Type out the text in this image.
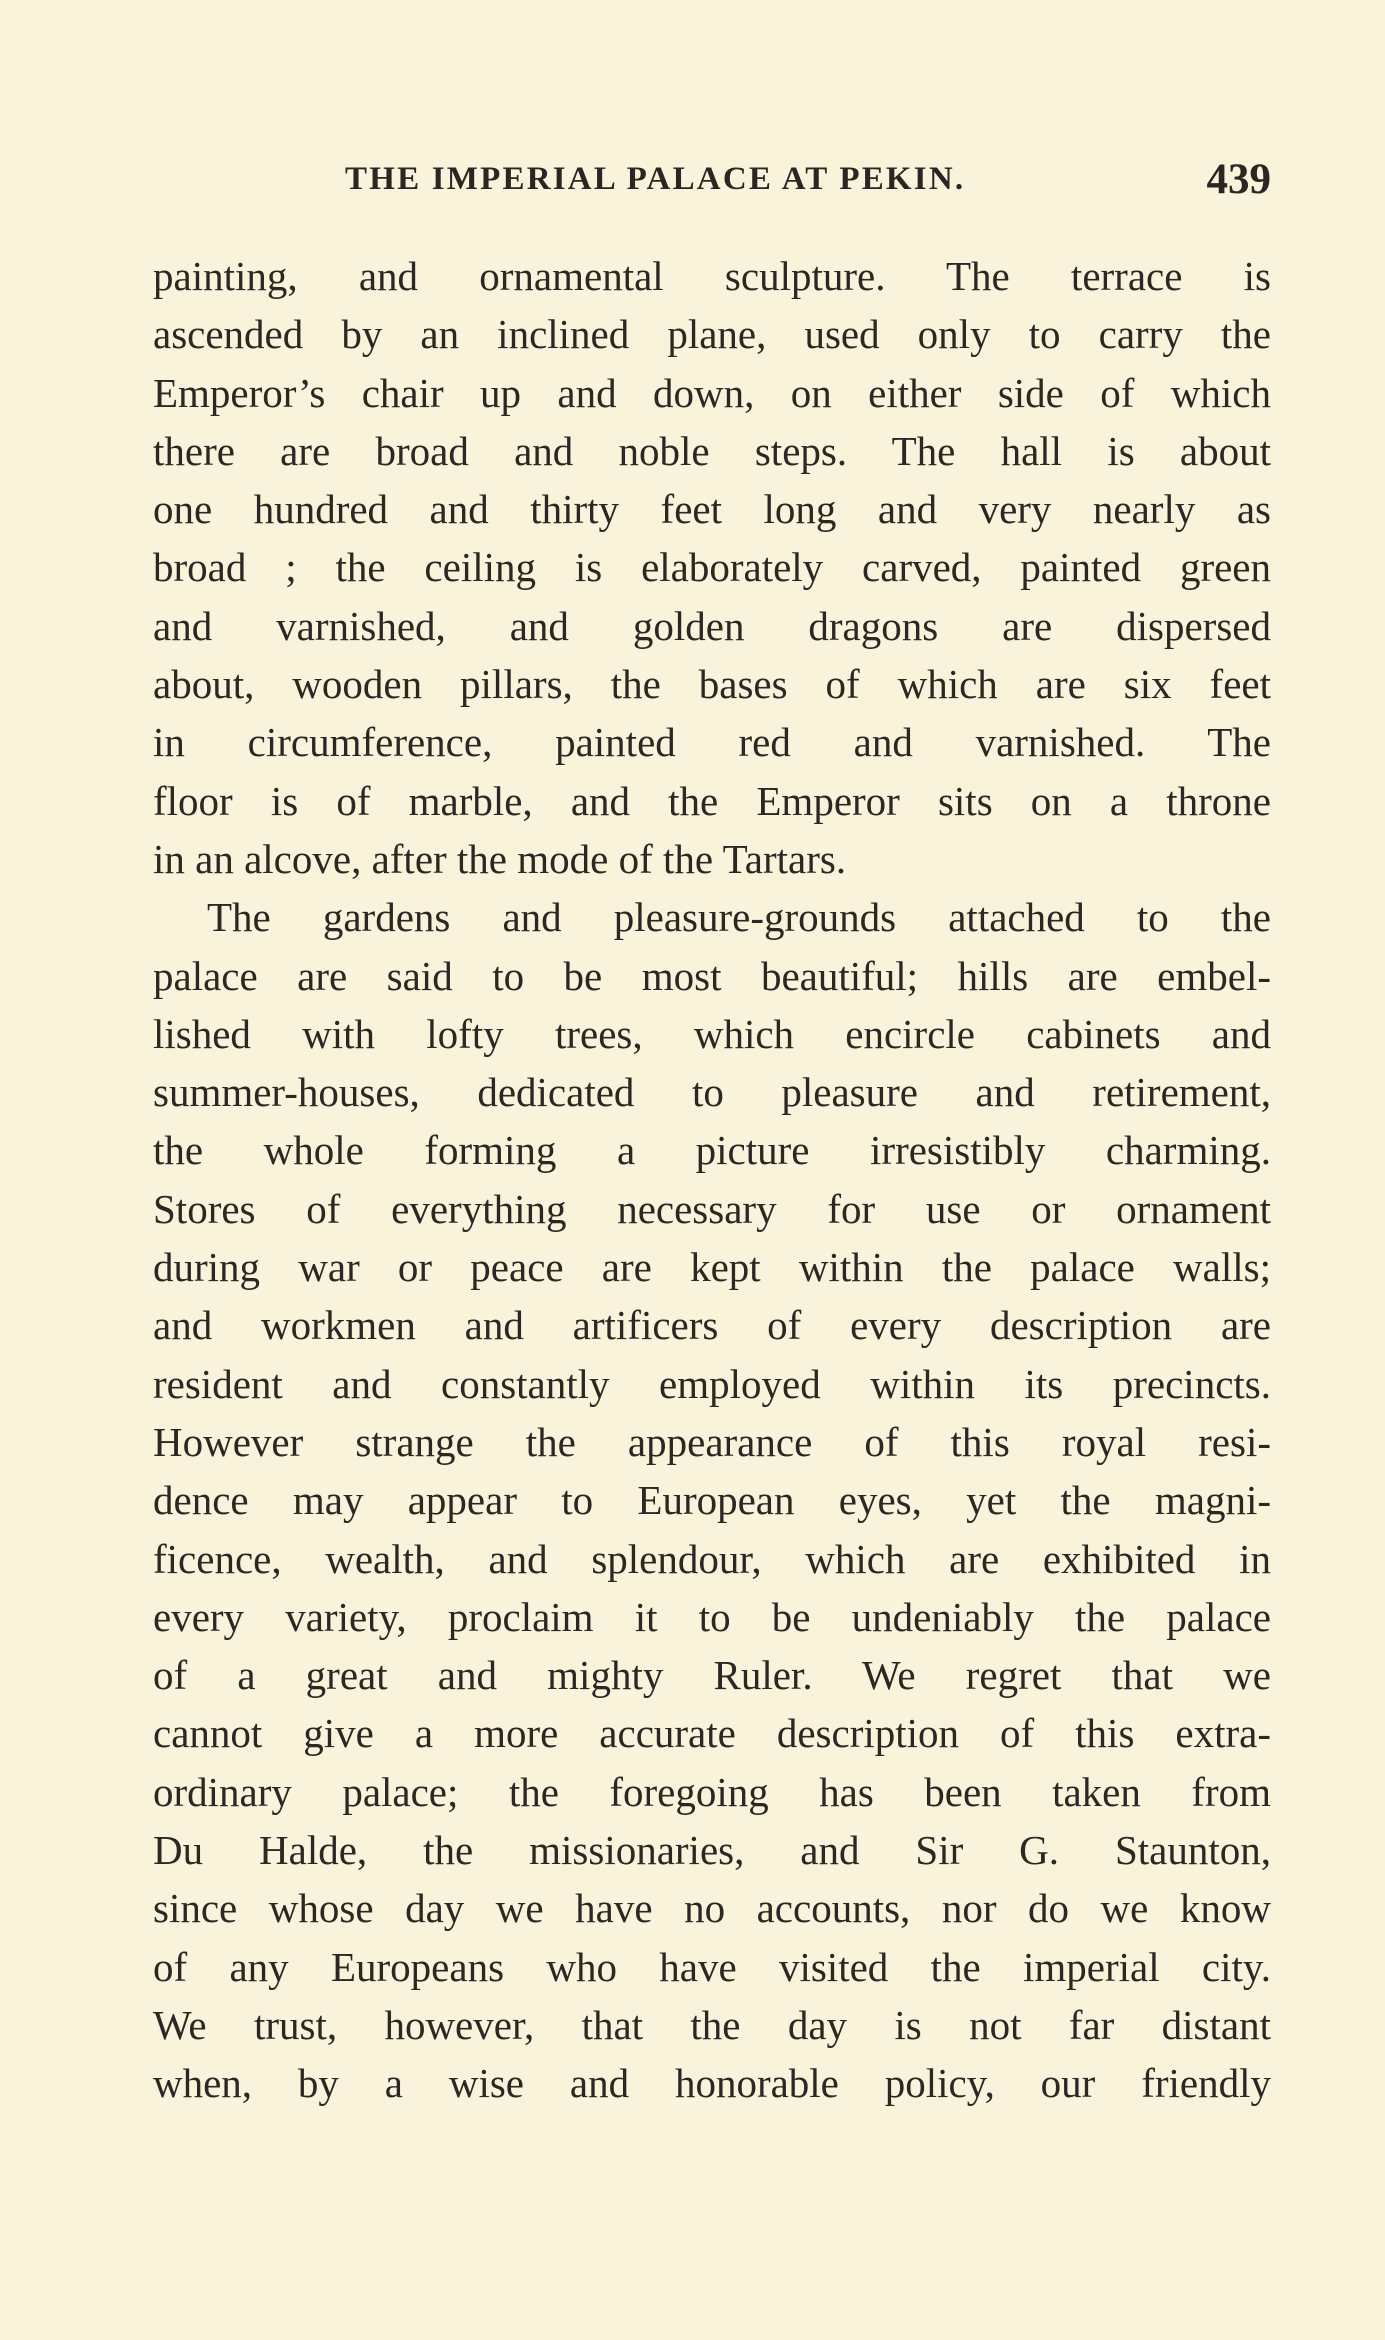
THE IMPERIAL PALACE AT PEKIN.	439
painting, and ornamental sculpture. The terrace is
ascended by an inclined plane, used only to carry the
Emperor’s chair up and down, on either side of which
there are broad and noble steps. The hall is about
one hundred and thirty feet long and very nearly as
broad ; the ceiling is elaborately carved, painted green
and varnished, and golden dragons are dispersed
about, wooden pillars, the bases of which are six feet
in circumference, painted red and varnished. The
floor is of marble, and the Emperor sits on a throne
in an alcove, after the mode of the Tartars.
The gardens and pleasure-grounds attached to the
palace are said to be most beautiful; hills are embel-
lished with lofty trees, which encircle cabinets and
summer-houses, dedicated to pleasure and retirement,
the whole forming a picture irresistibly charming.
Stores of everything necessary for use or ornament
during war or peace are kept within the palace walls;
and workmen and artificers of every description are
resident and constantly employed within its precincts.
However strange the appearance of this royal resi-
dence may appear to European eyes, yet the magni-
ficence, wealth, and splendour, which are exhibited in
every variety, proclaim it to be undeniably the palace
of a great and mighty Ruler. We regret that we
cannot give a more accurate description of this extra-
ordinary palace; the foregoing has been taken from
Du Halde, the missionaries, and Sir G. Staunton,
since whose day we have no accounts, nor do we know
of any Europeans who have visited the imperial city.
We trust, however, that the day is not far distant
when, by a wise and honorable policy, our friendly
